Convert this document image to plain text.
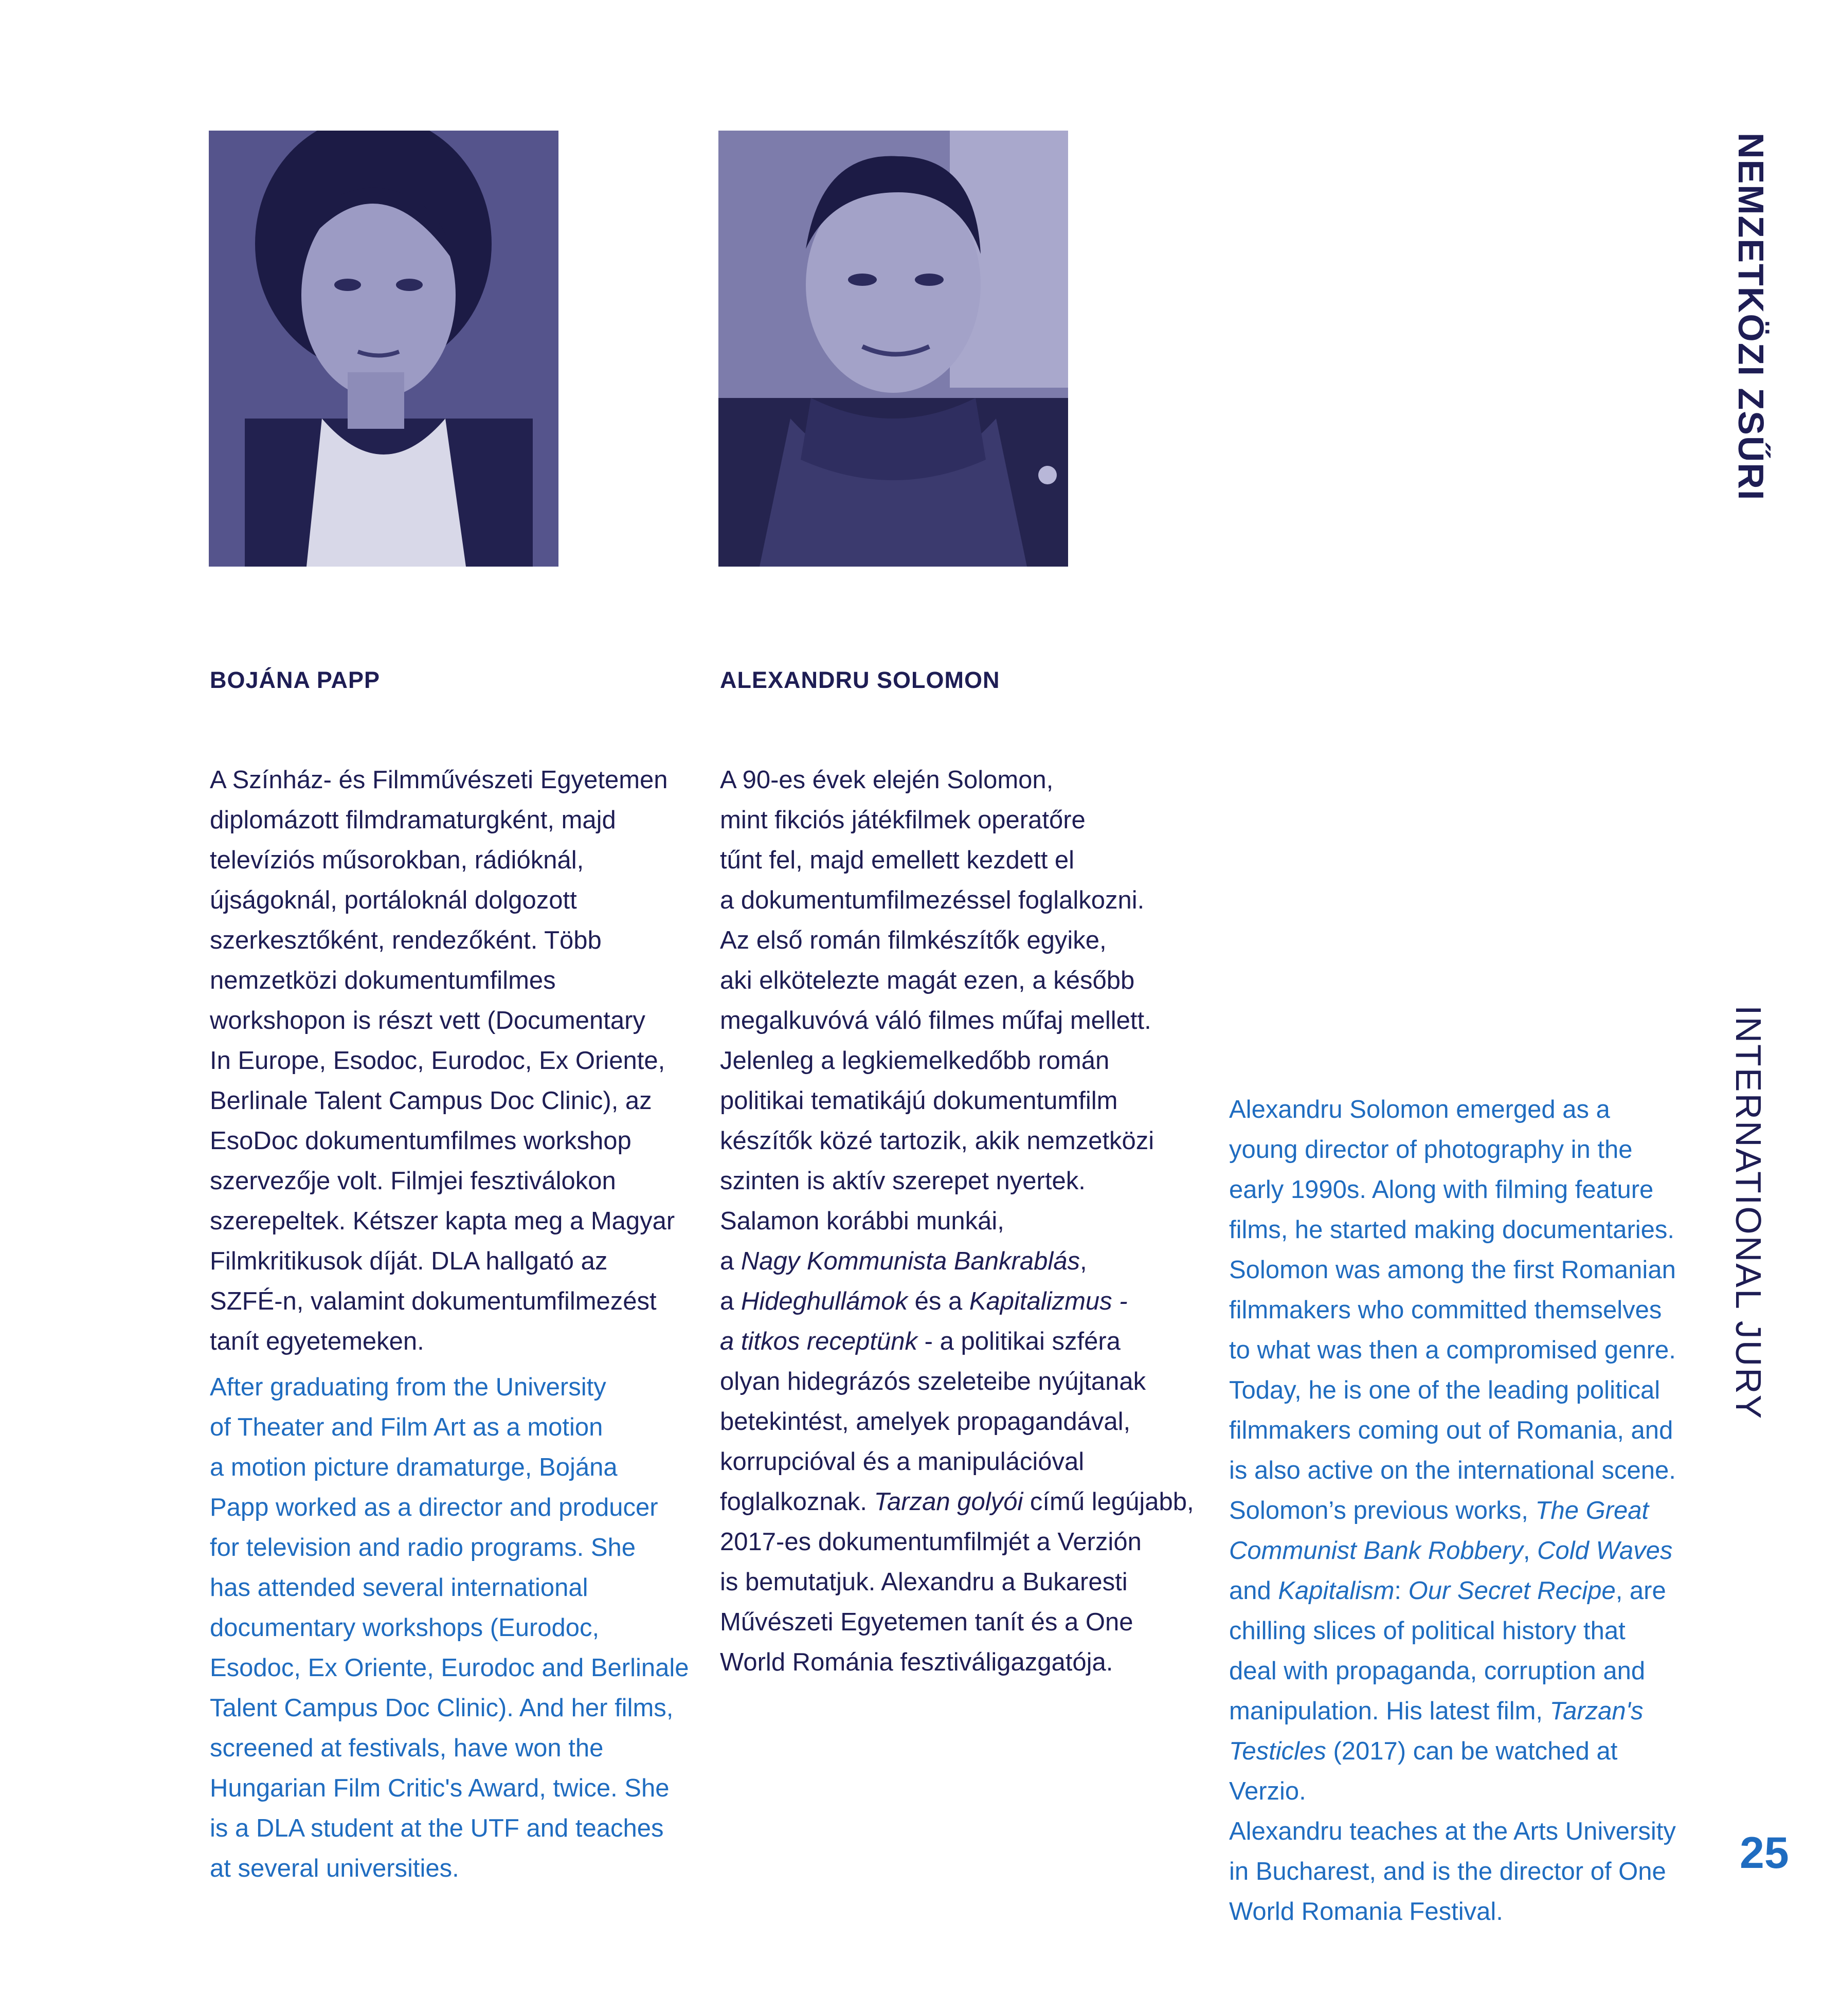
BOJÁNA PAPP	ALEXANDRU SOLOMON

A Színház- és Filmművészeti Egyetemen
diplomázott filmdramaturgként, majd
televíziós műsorokban, rádióknál,
újságoknál, portáloknál dolgozott
szerkesztőként, rendezőként. Több
nemzetközi dokumentumfilmes
workshopon is részt vett (Documentary
In Europe, Esodoc, Eurodoc, Ex Oriente,
Berlinale Talent Campus Doc Clinic), az
EsoDoc dokumentumfilmes workshop
szervezője volt. Filmjei fesztiválokon
szerepeltek. Kétszer kapta meg a Magyar
Filmkritikusok díját. DLA hallgató az
SZFÉ-n, valamint dokumentumfilmezést
tanít egyetemeken.

After graduating from the University
of Theater and Film Art as a motion
a motion picture dramaturge, Bojána
Papp worked as a director and producer
for television and radio programs. She
has attended several international
documentary workshops (Eurodoc,
Esodoc, Ex Oriente, Eurodoc and Berlinale
Talent Campus Doc Clinic). And her films,
screened at festivals, have won the
Hungarian Film Critic's Award, twice. She
is a DLA student at the UTF and teaches
at several universities.

A 90-es évek elején Solomon,
mint fikciós játékfilmek operatőre
tűnt fel, majd emellett kezdett el
a dokumentumfilmezéssel foglalkozni.
Az első román filmkészítők egyike,
aki elkötelezte magát ezen, a később
megalkuvóvá váló filmes műfaj mellett.
Jelenleg a legkiemelkedőbb román
politikai tematikájú dokumentumfilm
készítők közé tartozik, akik nemzetközi
szinten is aktív szerepet nyertek.
Salamon korábbi munkái,
a Nagy Kommunista Bankrablás,
a Hideghullámok és a Kapitalizmus -
a titkos receptünk - a politikai szféra
olyan hidegrázós szeleteibe nyújtanak
betekintést, amelyek propagandával,
korrupcióval és a manipulációval
foglalkoznak. Tarzan golyói című legújabb,
2017-es dokumentumfilmjét a Verzión
is bemutatjuk. Alexandru a Bukaresti
Művészeti Egyetemen tanít és a One
World Románia fesztiváligazgatója.

Alexandru Solomon emerged as a
young director of photography in the
early 1990s. Along with filming feature
films, he started making documentaries.
Solomon was among the first Romanian
filmmakers who committed themselves
to what was then a compromised genre.
Today, he is one of the leading political
filmmakers coming out of Romania, and
is also active on the international scene.
Solomon’s previous works, The Great
Communist Bank Robbery, Cold Waves
and Kapitalism: Our Secret Recipe, are
chilling slices of political history that
deal with propaganda, corruption and
manipulation. His latest film, Tarzan's
Testicles (2017) can be watched at Verzio.
Alexandru teaches at the Arts University
in Bucharest, and is the director of One
World Romania Festival.

NEMZETKÖZI ZSŰRI
INTERNATIONAL JURY
25
